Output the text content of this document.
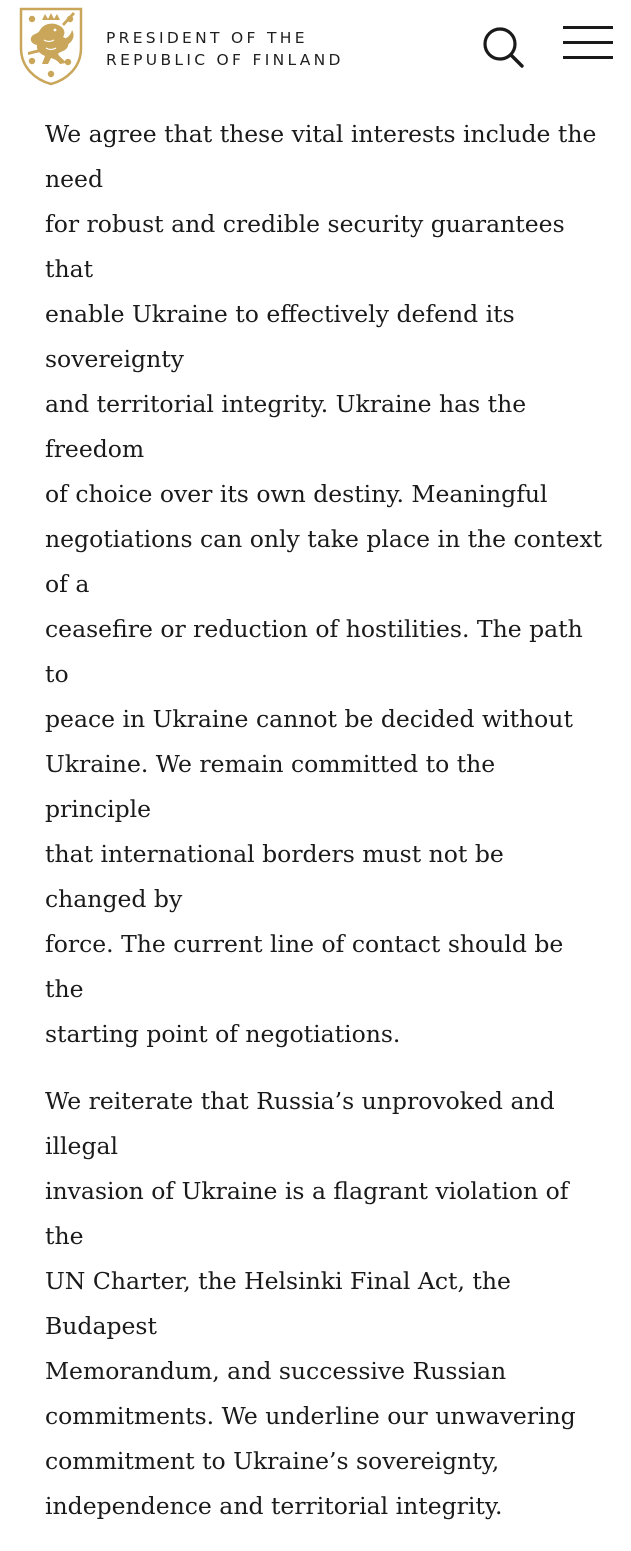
PRESIDENT OF THE
REPUBLIC OF FINLAND

We agree that these vital interests include the need
for robust and credible security guarantees that
enable Ukraine to effectively defend its sovereignty
and territorial integrity. Ukraine has the freedom
of choice over its own destiny. Meaningful
negotiations can only take place in the context of a
ceasefire or reduction of hostilities. The path to
peace in Ukraine cannot be decided without
Ukraine. We remain committed to the principle
that international borders must not be changed by
force. The current line of contact should be the
starting point of negotiations.

We reiterate that Russia’s unprovoked and illegal
invasion of Ukraine is a flagrant violation of the
UN Charter, the Helsinki Final Act, the Budapest
Memorandum, and successive Russian
commitments. We underline our unwavering
commitment to Ukraine’s sovereignty,
independence and territorial integrity.
